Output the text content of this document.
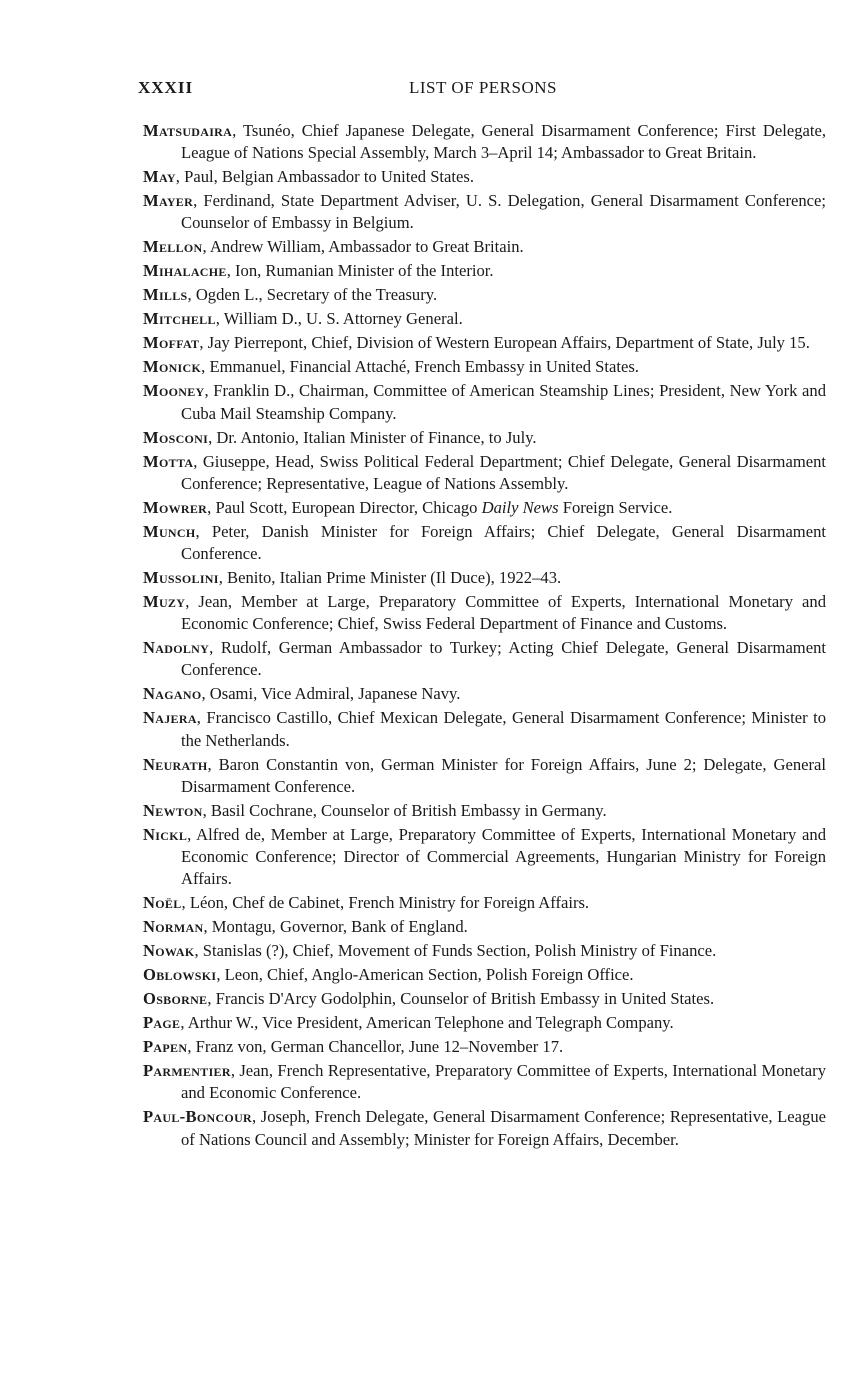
XXXII	LIST OF PERSONS

Matsudaira, Tsunéo, Chief Japanese Delegate, General Disarmament Conference; First Delegate, League of Nations Special Assembly, March 3–April 14; Ambassador to Great Britain.

May, Paul, Belgian Ambassador to United States.

Mayer, Ferdinand, State Department Adviser, U. S. Delegation, General Disarmament Conference; Counselor of Embassy in Belgium.

Mellon, Andrew William, Ambassador to Great Britain.

Mihalache, Ion, Rumanian Minister of the Interior.

Mills, Ogden L., Secretary of the Treasury.

Mitchell, William D., U. S. Attorney General.

Moffat, Jay Pierrepont, Chief, Division of Western European Affairs, Department of State, July 15.

Monick, Emmanuel, Financial Attaché, French Embassy in United States.

Mooney, Franklin D., Chairman, Committee of American Steamship Lines; President, New York and Cuba Mail Steamship Company.

Mosconi, Dr. Antonio, Italian Minister of Finance, to July.

Motta, Giuseppe, Head, Swiss Political Federal Department; Chief Delegate, General Disarmament Conference; Representative, League of Nations Assembly.

Mowrer, Paul Scott, European Director, Chicago Daily News Foreign Service.

Munch, Peter, Danish Minister for Foreign Affairs; Chief Delegate, General Disarmament Conference.

Mussolini, Benito, Italian Prime Minister (Il Duce), 1922–43.

Muzy, Jean, Member at Large, Preparatory Committee of Experts, International Monetary and Economic Conference; Chief, Swiss Federal Department of Finance and Customs.

Nadolny, Rudolf, German Ambassador to Turkey; Acting Chief Delegate, General Disarmament Conference.

Nagano, Osami, Vice Admiral, Japanese Navy.

Najera, Francisco Castillo, Chief Mexican Delegate, General Disarmament Conference; Minister to the Netherlands.

Neurath, Baron Constantin von, German Minister for Foreign Affairs, June 2; Delegate, General Disarmament Conference.

Newton, Basil Cochrane, Counselor of British Embassy in Germany.

Nickl, Alfred de, Member at Large, Preparatory Committee of Experts, International Monetary and Economic Conference; Director of Commercial Agreements, Hungarian Ministry for Foreign Affairs.

Noël, Léon, Chef de Cabinet, French Ministry for Foreign Affairs.

Norman, Montagu, Governor, Bank of England.

Nowak, Stanislas (?), Chief, Movement of Funds Section, Polish Ministry of Finance.

Oblowski, Leon, Chief, Anglo-American Section, Polish Foreign Office.

Osborne, Francis D'Arcy Godolphin, Counselor of British Embassy in United States.

Page, Arthur W., Vice President, American Telephone and Telegraph Company.

Papen, Franz von, German Chancellor, June 12–November 17.

Parmentier, Jean, French Representative, Preparatory Committee of Experts, International Monetary and Economic Conference.

Paul-Boncour, Joseph, French Delegate, General Disarmament Conference; Representative, League of Nations Council and Assembly; Minister for Foreign Affairs, December.
